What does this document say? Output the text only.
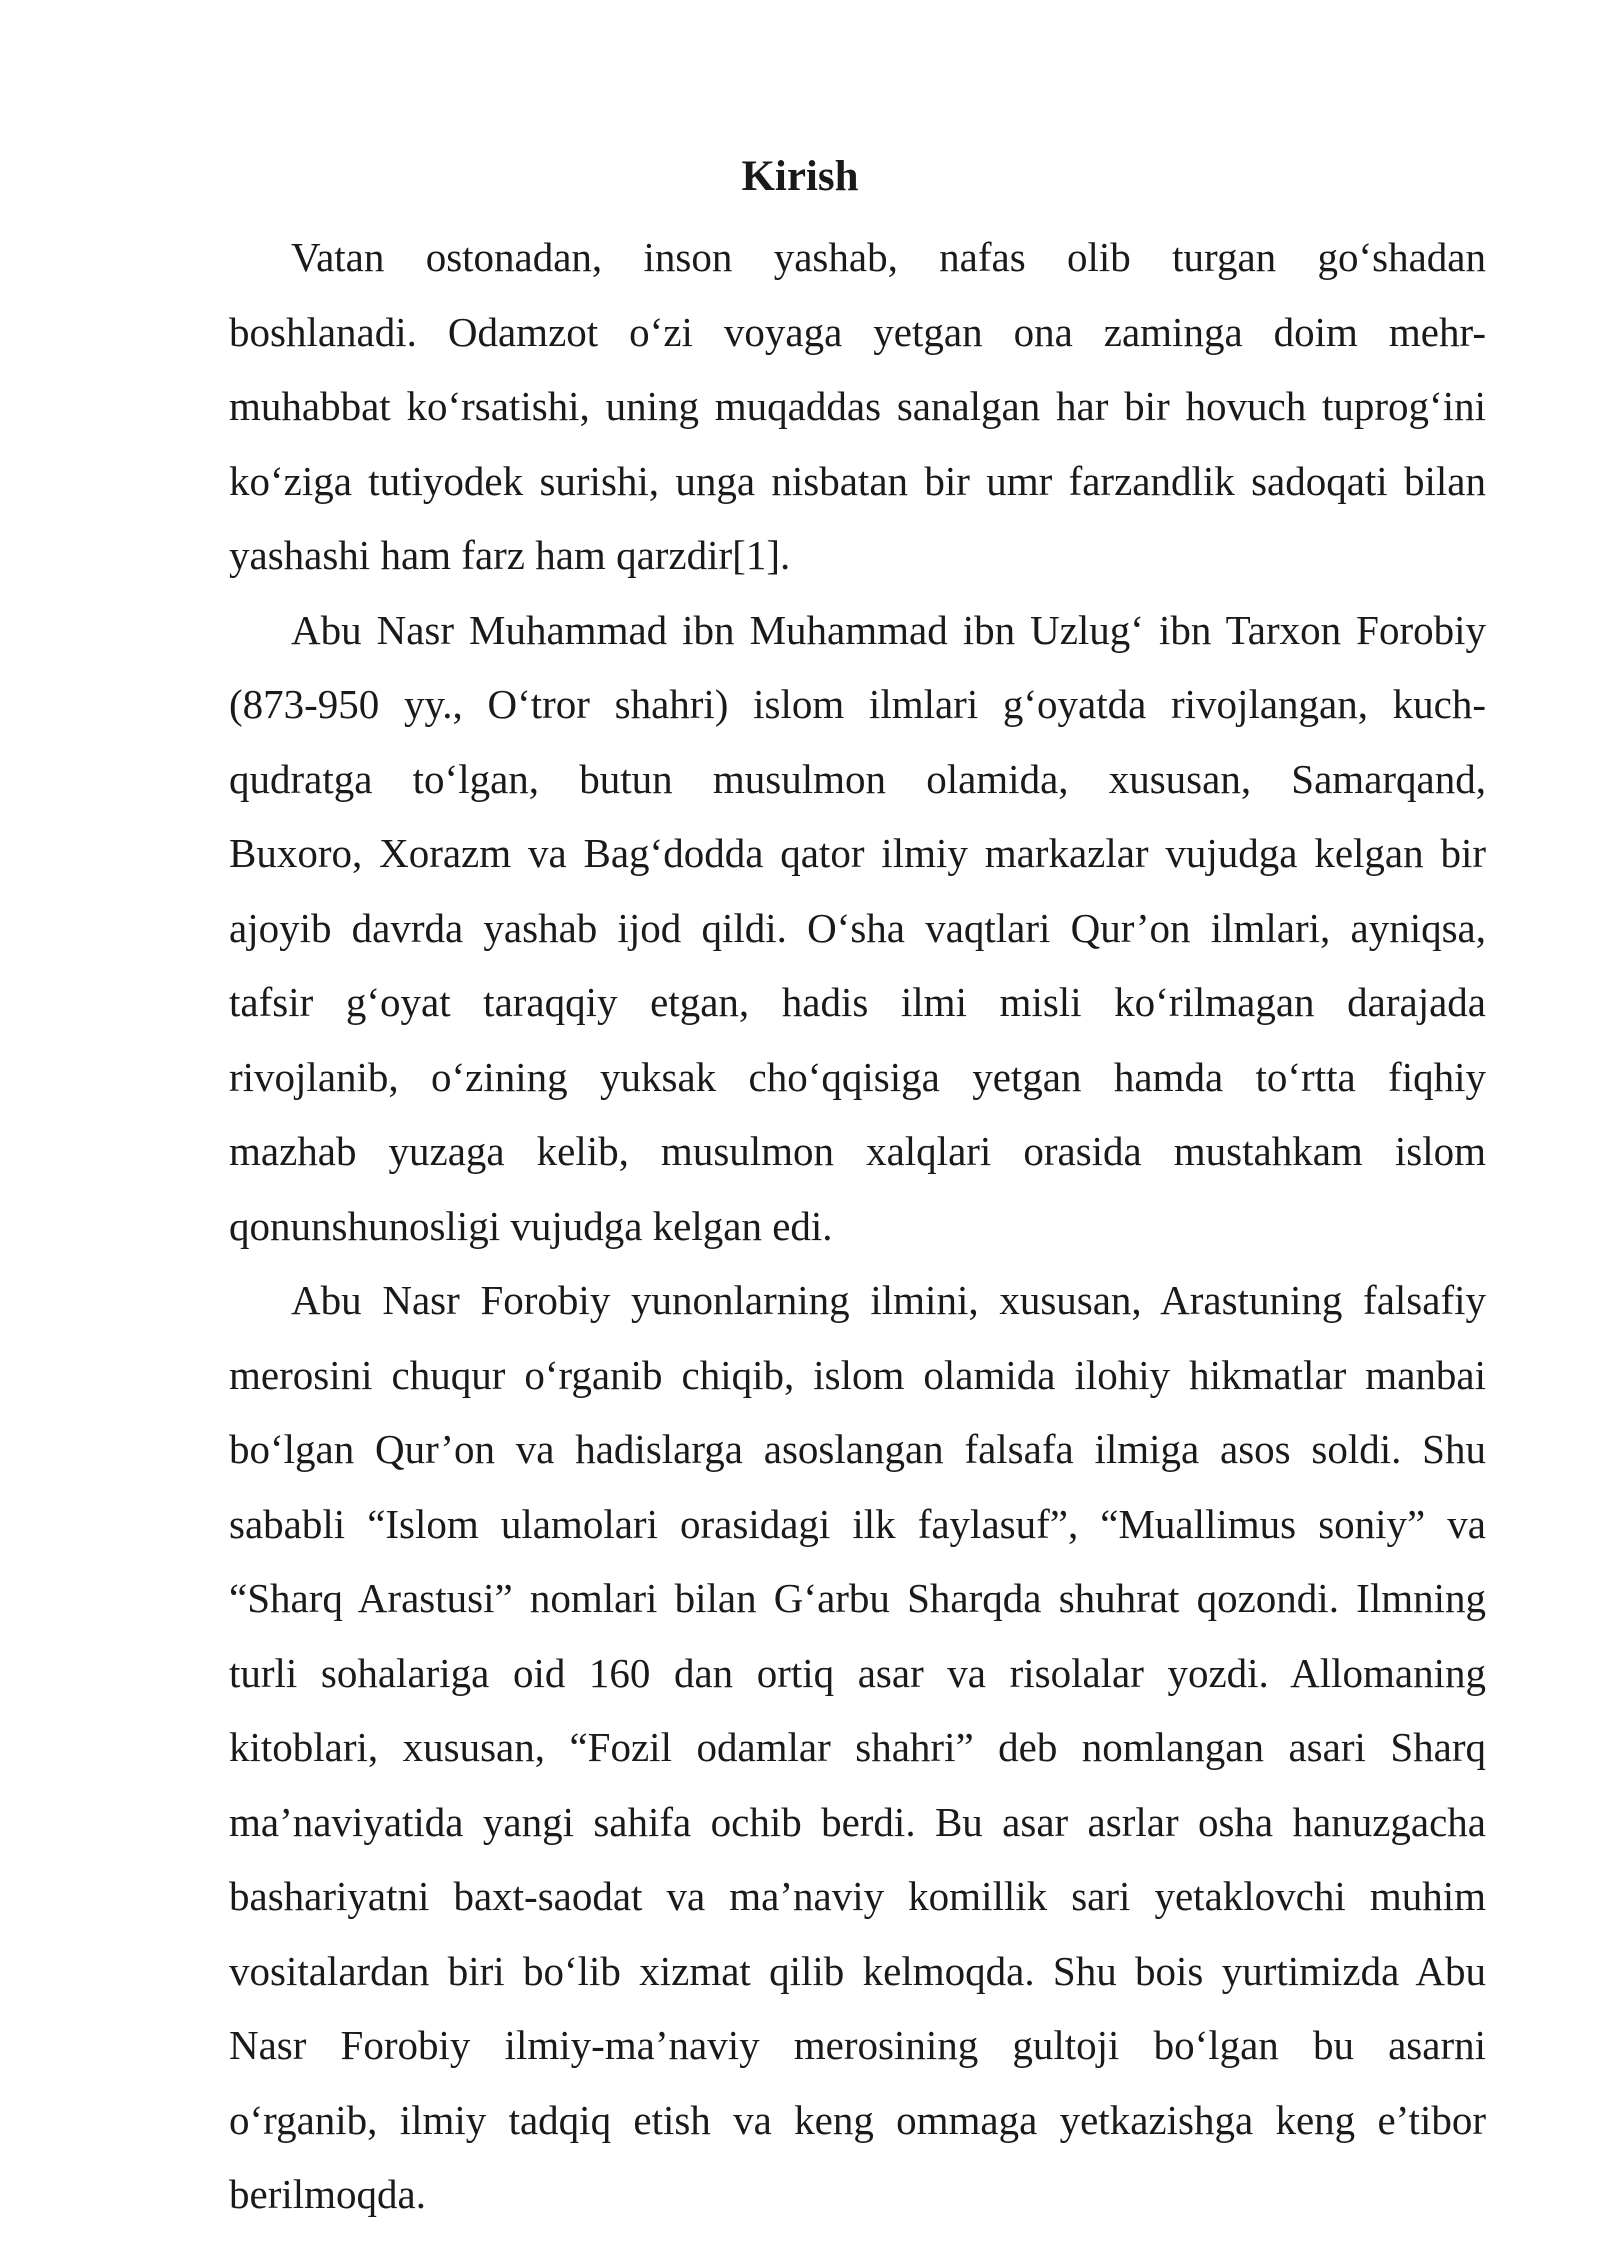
Kirish

Vatan ostonadan, inson yashab, nafas olib turgan go‘shadan
boshlanadi. Odamzot o‘zi voyaga yetgan ona zaminga doim mehr-
muhabbat ko‘rsatishi, uning muqaddas sanalgan har bir hovuch tuprog‘ini
ko‘ziga tutiyodek surishi, unga nisbatan bir umr farzandlik sadoqati bilan
yashashi ham farz ham qarzdir[1].

Abu Nasr Muhammad ibn Muhammad ibn Uzlug‘ ibn Tarxon Forobiy
(873-950 yy., O‘tror shahri) islom ilmlari g‘oyatda rivojlangan, kuch-
qudratga to‘lgan, butun musulmon olamida, xususan, Samarqand,
Buxoro, Xorazm va Bag‘dodda qator ilmiy markazlar vujudga kelgan bir
ajoyib davrda yashab ijod qildi. O‘sha vaqtlari Qur’on ilmlari, ayniqsa,
tafsir g‘oyat taraqqiy etgan, hadis ilmi misli ko‘rilmagan darajada
rivojlanib, o‘zining yuksak cho‘qqisiga yetgan hamda to‘rtta fiqhiy
mazhab yuzaga kelib, musulmon xalqlari orasida mustahkam islom
qonunshunosligi vujudga kelgan edi.

Abu Nasr Forobiy yunonlarning ilmini, xususan, Arastuning falsafiy
merosini chuqur o‘rganib chiqib, islom olamida ilohiy hikmatlar manbai
bo‘lgan Qur’on va hadislarga asoslangan falsafa ilmiga asos soldi. Shu
sababli “Islom ulamolari orasidagi ilk faylasuf”, “Muallimus soniy” va
“Sharq Arastusi” nomlari bilan G‘arbu Sharqda shuhrat qozondi. Ilmning
turli sohalariga oid 160 dan ortiq asar va risolalar yozdi. Allomaning
kitoblari, xususan, “Fozil odamlar shahri” deb nomlangan asari Sharq
ma’naviyatida yangi sahifa ochib berdi. Bu asar asrlar osha hanuzgacha
bashariyatni baxt-saodat va ma’naviy komillik sari yetaklovchi muhim
vositalardan biri bo‘lib xizmat qilib kelmoqda. Shu bois yurtimizda Abu
Nasr Forobiy ilmiy-ma’naviy merosining gultoji bo‘lgan bu asarni
o‘rganib, ilmiy tadqiq etish va keng ommaga yetkazishga keng e’tibor
berilmoqda.
